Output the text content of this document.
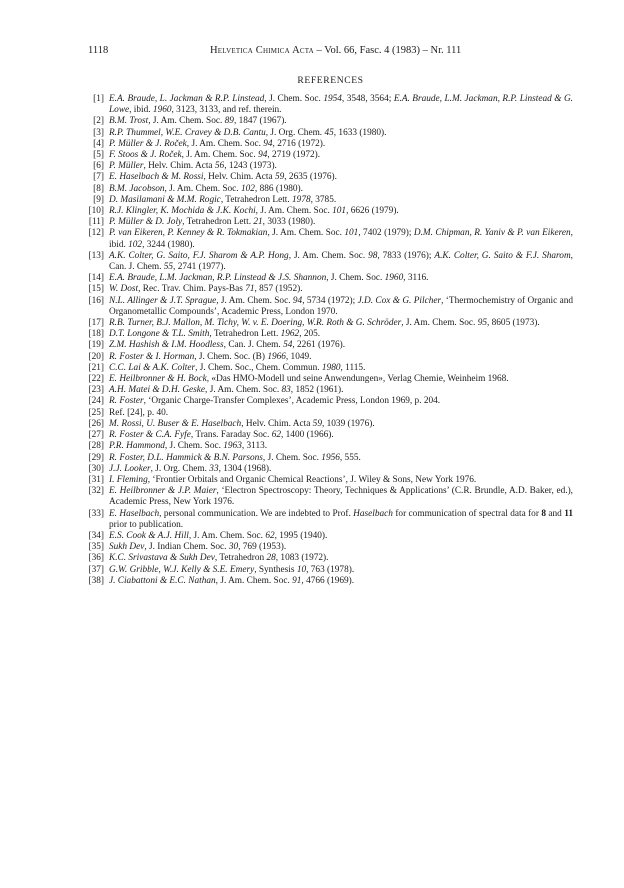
1118	Helvetica Chimica Acta – Vol. 66, Fasc. 4 (1983) – Nr. 111
REFERENCES
[ 1 ] E.A. Braude, L. Jackman & R.P. Linstead, J. Chem. Soc. 1954, 3548, 3564; E.A. Braude, L.M. Jackman, R.P. Linstead & G. Lowe, ibid. 1960, 3123, 3133, and ref. therein.
[ 2 ] B.M. Trost, J. Am. Chem. Soc. 89, 1847 (1967).
[ 3 ] R.P. Thummel, W.E. Cravey & D.B. Cantu, J. Org. Chem. 45, 1633 (1980).
[ 4 ] P. Müller & J. Roček, J. Am. Chem. Soc. 94, 2716 (1972).
[ 5 ] F. Stoos & J. Roček, J. Am. Chem. Soc. 94, 2719 (1972).
[ 6 ] P. Müller, Helv. Chim. Acta 56, 1243 (1973).
[ 7 ] E. Haselbach & M. Rossi, Helv. Chim. Acta 59, 2635 (1976).
[ 8 ] B.M. Jacobson, J. Am. Chem. Soc. 102, 886 (1980).
[ 9 ] D. Masilamani & M.M. Rogic, Tetrahedron Lett. 1978, 3785.
[ 10 ] R.J. Klingler, K. Mochida & J.K. Kochi, J. Am. Chem. Soc. 101, 6626 (1979).
[ 11 ] P. Müller & D. Joly, Tetrahedron Lett. 21, 3033 (1980).
[ 12 ] P. van Eikeren, P. Kenney & R. Tokmakian, J. Am. Chem. Soc. 101, 7402 (1979); D.M. Chipman, R. Yaniv & P. van Eikeren, ibid. 102, 3244 (1980).
[ 13 ] A.K. Colter, G. Saito, F.J. Sharom & A.P. Hong, J. Am. Chem. Soc. 98, 7833 (1976); A.K. Colter, G. Saito & F.J. Sharom, Can. J. Chem. 55, 2741 (1977).
[ 14 ] E.A. Braude, L.M. Jackman, R.P. Linstead & J.S. Shannon, J. Chem. Soc. 1960, 3116.
[ 15 ] W. Dost, Rec. Trav. Chim. Pays-Bas 71, 857 (1952).
[ 16 ] N.L. Allinger & J.T. Sprague, J. Am. Chem. Soc. 94, 5734 (1972); J.D. Cox & G. Pilcher, ‘Thermochemistry of Organic and Organometallic Compounds’, Academic Press, London 1970.
[ 17 ] R.B. Turner, B.J. Mallon, M. Tichy, W. v. E. Doering, W.R. Roth & G. Schröder, J. Am. Chem. Soc. 95, 8605 (1973).
[ 18 ] D.T. Longone & T.L. Smith, Tetrahedron Lett. 1962, 205.
[ 19 ] Z.M. Hashish & I.M. Hoodless, Can. J. Chem. 54, 2261 (1976).
[ 20 ] R. Foster & I. Horman, J. Chem. Soc. (B) 1966, 1049.
[ 21 ] C.C. Lai & A.K. Colter, J. Chem. Soc., Chem. Commun. 1980, 1115.
[ 22 ] E. Heilbronner & H. Bock, «Das HMO-Modell und seine Anwendungen», Verlag Chemie, Weinheim 1968.
[ 23 ] A.H. Matei & D.H. Geske, J. Am. Chem. Soc. 83, 1852 (1961).
[ 24 ] R. Foster, ‘Organic Charge-Transfer Complexes’, Academic Press, London 1969, p. 204.
[ 25 ] Ref. [24], p. 40.
[ 26 ] M. Rossi, U. Buser & E. Haselbach, Helv. Chim. Acta 59, 1039 (1976).
[ 27 ] R. Foster & C.A. Fyfe, Trans. Faraday Soc. 62, 1400 (1966).
[ 28 ] P.R. Hammond, J. Chem. Soc. 1963, 3113.
[ 29 ] R. Foster, D.L. Hammick & B.N. Parsons, J. Chem. Soc. 1956, 555.
[ 30 ] J.J. Looker, J. Org. Chem. 33, 1304 (1968).
[ 31 ] I. Fleming, ‘Frontier Orbitals and Organic Chemical Reactions’, J. Wiley & Sons, New York 1976.
[ 32 ] E. Heilbronner & J.P. Maier, ‘Electron Spectroscopy: Theory, Techniques & Applications’ (C.R. Brundle, A.D. Baker, ed.), Academic Press, New York 1976.
[ 33 ] E. Haselbach, personal communication. We are indebted to Prof. Haselbach for communication of spectral data for 8 and 11 prior to publication.
[ 34 ] E.S. Cook & A.J. Hill, J. Am. Chem. Soc. 62, 1995 (1940).
[ 35 ] Sukh Dev, J. Indian Chem. Soc. 30, 769 (1953).
[ 36 ] K.C. Srivastava & Sukh Dev, Tetrahedron 28, 1083 (1972).
[ 37 ] G.W. Gribble, W.J. Kelly & S.E. Emery, Synthesis 10, 763 (1978).
[ 38 ] J. Ciabattoni & E.C. Nathan, J. Am. Chem. Soc. 91, 4766 (1969).
